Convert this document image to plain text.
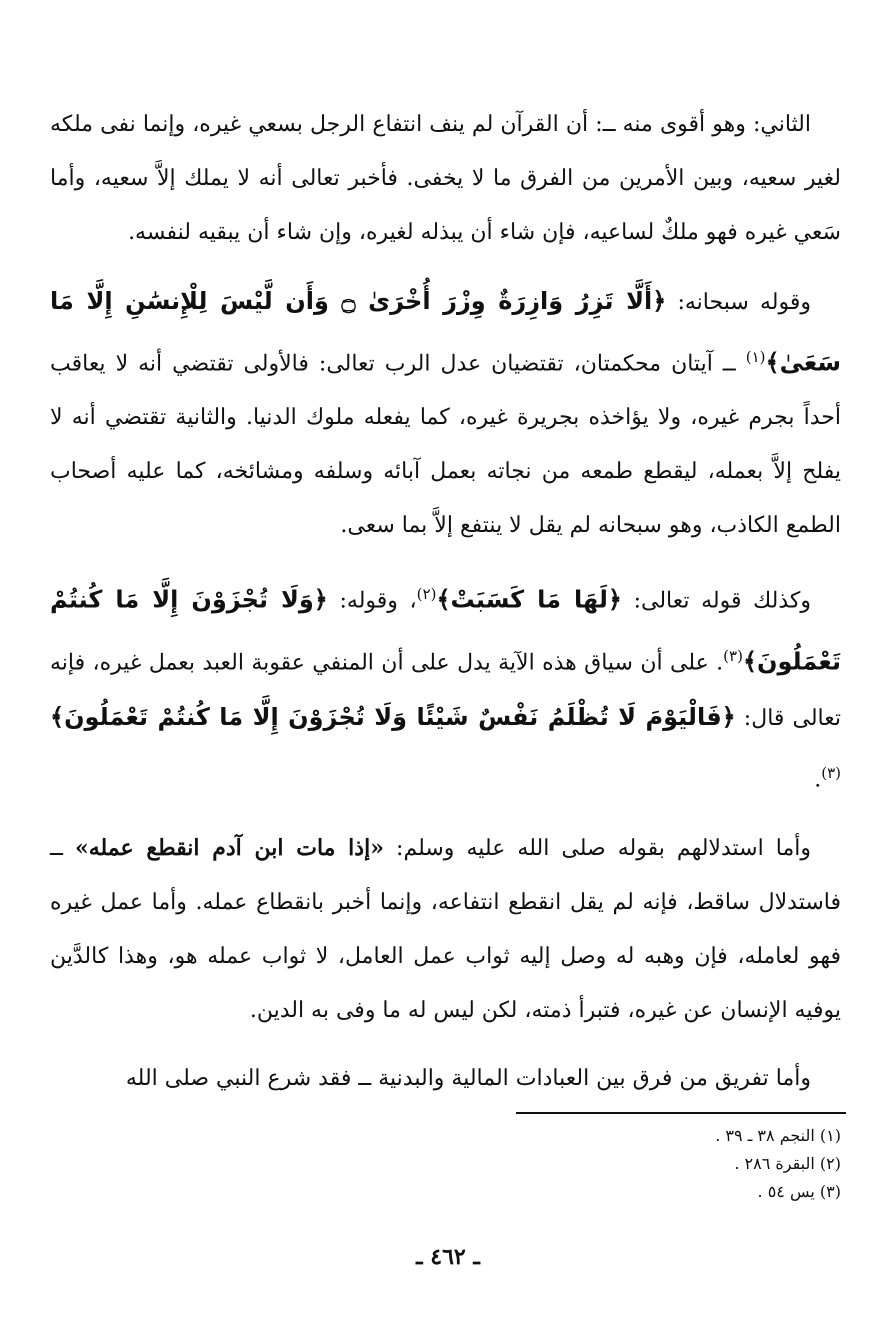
الثاني: وهو أقوى منه ــ: أن القرآن لم ينف انتفاع الرجل بسعي غيره، وإنما نفى ملكه لغير سعيه، وبين الأمرين من الفرق ما لا يخفى. فأخبر تعالى أنه لا يملك إلاَّ سعيه، وأما سَعي غيره فهو ملكٌ لساعيه، فإن شاء أن يبذله لغيره، وإن شاء أن يبقيه لنفسه.

وقوله سبحانه: ﴿أَلَّا تَزِرُ وَازِرَةٌ وِزْرَ أُخْرَىٰ ۝ وَأَن لَّيْسَ لِلْإِنسَٰنِ إِلَّا مَا سَعَىٰ﴾$^{(١)}$ ــ آيتان محكمتان، تقتضيان عدل الرب تعالى: فالأولى تقتضي أنه لا يعاقب أحداً بجرم غيره، ولا يؤاخذه بجريرة غيره، كما يفعله ملوك الدنيا. والثانية تقتضي أنه لا يفلح إلاَّ بعمله، ليقطع طمعه من نجاته بعمل آبائه وسلفه ومشائخه، كما عليه أصحاب الطمع الكاذب، وهو سبحانه لم يقل لا ينتفع إلاَّ بما سعى.

وكذلك قوله تعالى: ﴿لَهَا مَا كَسَبَتْ﴾$^{(٢)}$، وقوله: ﴿وَلَا تُجْزَوْنَ إِلَّا مَا كُنتُمْ تَعْمَلُونَ﴾$^{(٣)}$. على أن سياق هذه الآية يدل على أن المنفي عقوبة العبد بعمل غيره، فإنه تعالى قال: ﴿فَالْيَوْمَ لَا تُظْلَمُ نَفْسٌ شَيْئًا وَلَا تُجْزَوْنَ إِلَّا مَا كُنتُمْ تَعْمَلُونَ﴾$^{(٣)}$.

وأما استدلالهم بقوله صلى الله عليه وسلم: «إذا مات ابن آدم انقطع عمله» ــ فاستدلال ساقط، فإنه لم يقل انقطع انتفاعه، وإنما أخبر بانقطاع عمله. وأما عمل غيره فهو لعامله، فإن وهبه له وصل إليه ثواب عمل العامل، لا ثواب عمله هو، وهذا كالدَّين يوفيه الإنسان عن غيره، فتبرأ ذمته، لكن ليس له ما وفى به الدين.

وأما تفريق من فرق بين العبادات المالية والبدنية ــ فقد شرع النبي صلى الله

(١) النجم ٣٨ ـ ٣٩ .
(٢) البقرة ٢٨٦ .
(٣) يس ٥٤ .
ـ ٤٦٢ ـ
